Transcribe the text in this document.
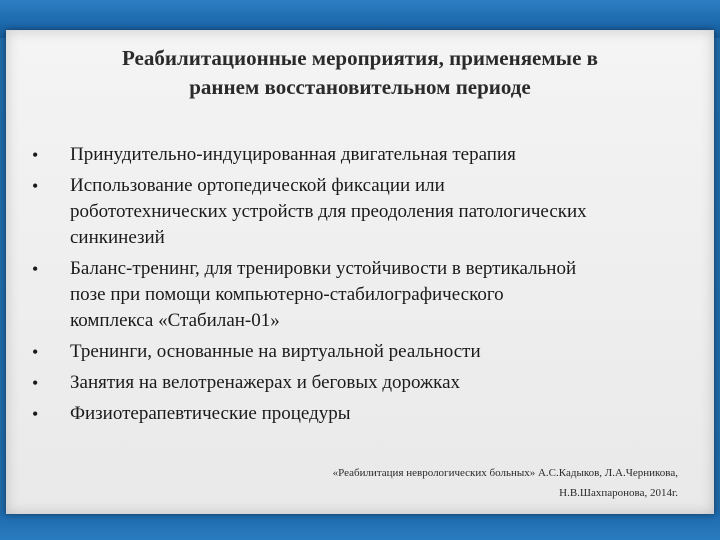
Реабилитационные мероприятия, применяемые в
раннем восстановительном периоде
• Принудительно-индуцированная двигательная терапия
• Использование ортопедической фиксации или
робототехнических устройств для преодоления патологических
синкинезий
• Баланс-тренинг, для тренировки устойчивости в вертикальной
позе при помощи компьютерно-стабилографического
комплекса «Стабилан-01»
• Тренинги, основанные на виртуальной реальности
• Занятия на велотренажерах и беговых дорожках
• Физиотерапевтические процедуры
«Реабилитация неврологических больных» А.С.Кадыков, Л.А.Черникова,
Н.В.Шахпаронова, 2014г.
